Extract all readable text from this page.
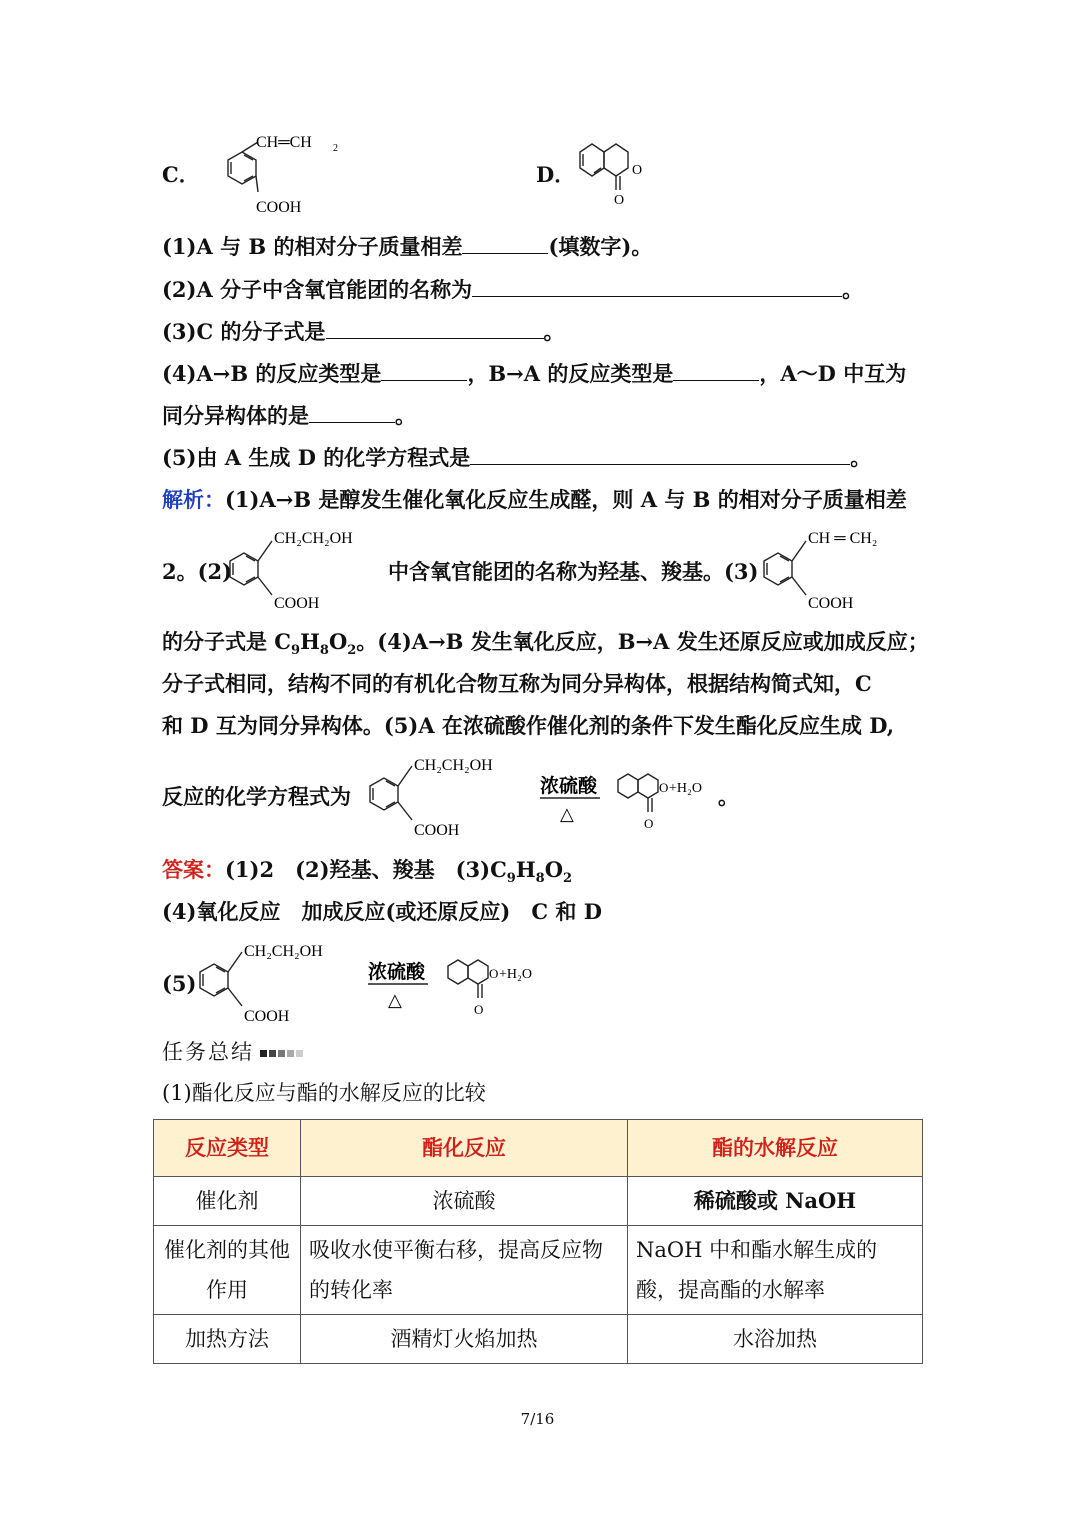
C．
CH═CH 2
COOH
D．	O
O
(1)A 与 B 的相对分子质量相差	(填数字)。
(2)A 分子中含氧官能团的名称为	。
(3)C 的分子式是	。
(4)A→B 的反应类型是	，B→A 的反应类型是	，A～D 中互为
同分异构体的是	。
(5)由 A 生成 D 的化学方程式是	。
解析：(1)A→B 是醇发生催化氧化反应生成醛，则 A 与 B 的相对分子质量相差
2。(2)
CH₂CH₂OH
COOH
中含氧官能团的名称为羟基、羧基。(3)
CH ═ CH₂
COOH
的分子式是 $C_9H_8O_2$。(4)A→B 发生氧化反应，B→A 发生还原反应或加成反应；
分子式相同，结构不同的有机化合物互称为同分异构体，根据结构简式知，C
和 D 互为同分异构体。(5)A 在浓硫酸作催化剂的条件下发生酯化反应生成 D,
反应的化学方程式为
CH₂CH₂OH
COOH
浓硫酸
△	O
O +H₂O 。
答案：(1)2　(2)羟基、羧基　$(3)C_9H_8O_2$
(4)氧化反应　加成反应(或还原反应)　C 和 D
(5)
CH₂CH₂OH
COOH
浓硫酸
△	O
O +H₂O
任务总结
(1)酯化反应与酯的水解反应的比较
反应类型	酯化反应	酯的水解反应
催化剂	浓硫酸	稀硫酸或 NaOH
催化剂的其他作用	吸收水使平衡右移，提高反应物的转化率	NaOH 中和酯水解生成的酸，提高酯的水解率
加热方法	酒精灯火焰加热	水浴加热
7/16
